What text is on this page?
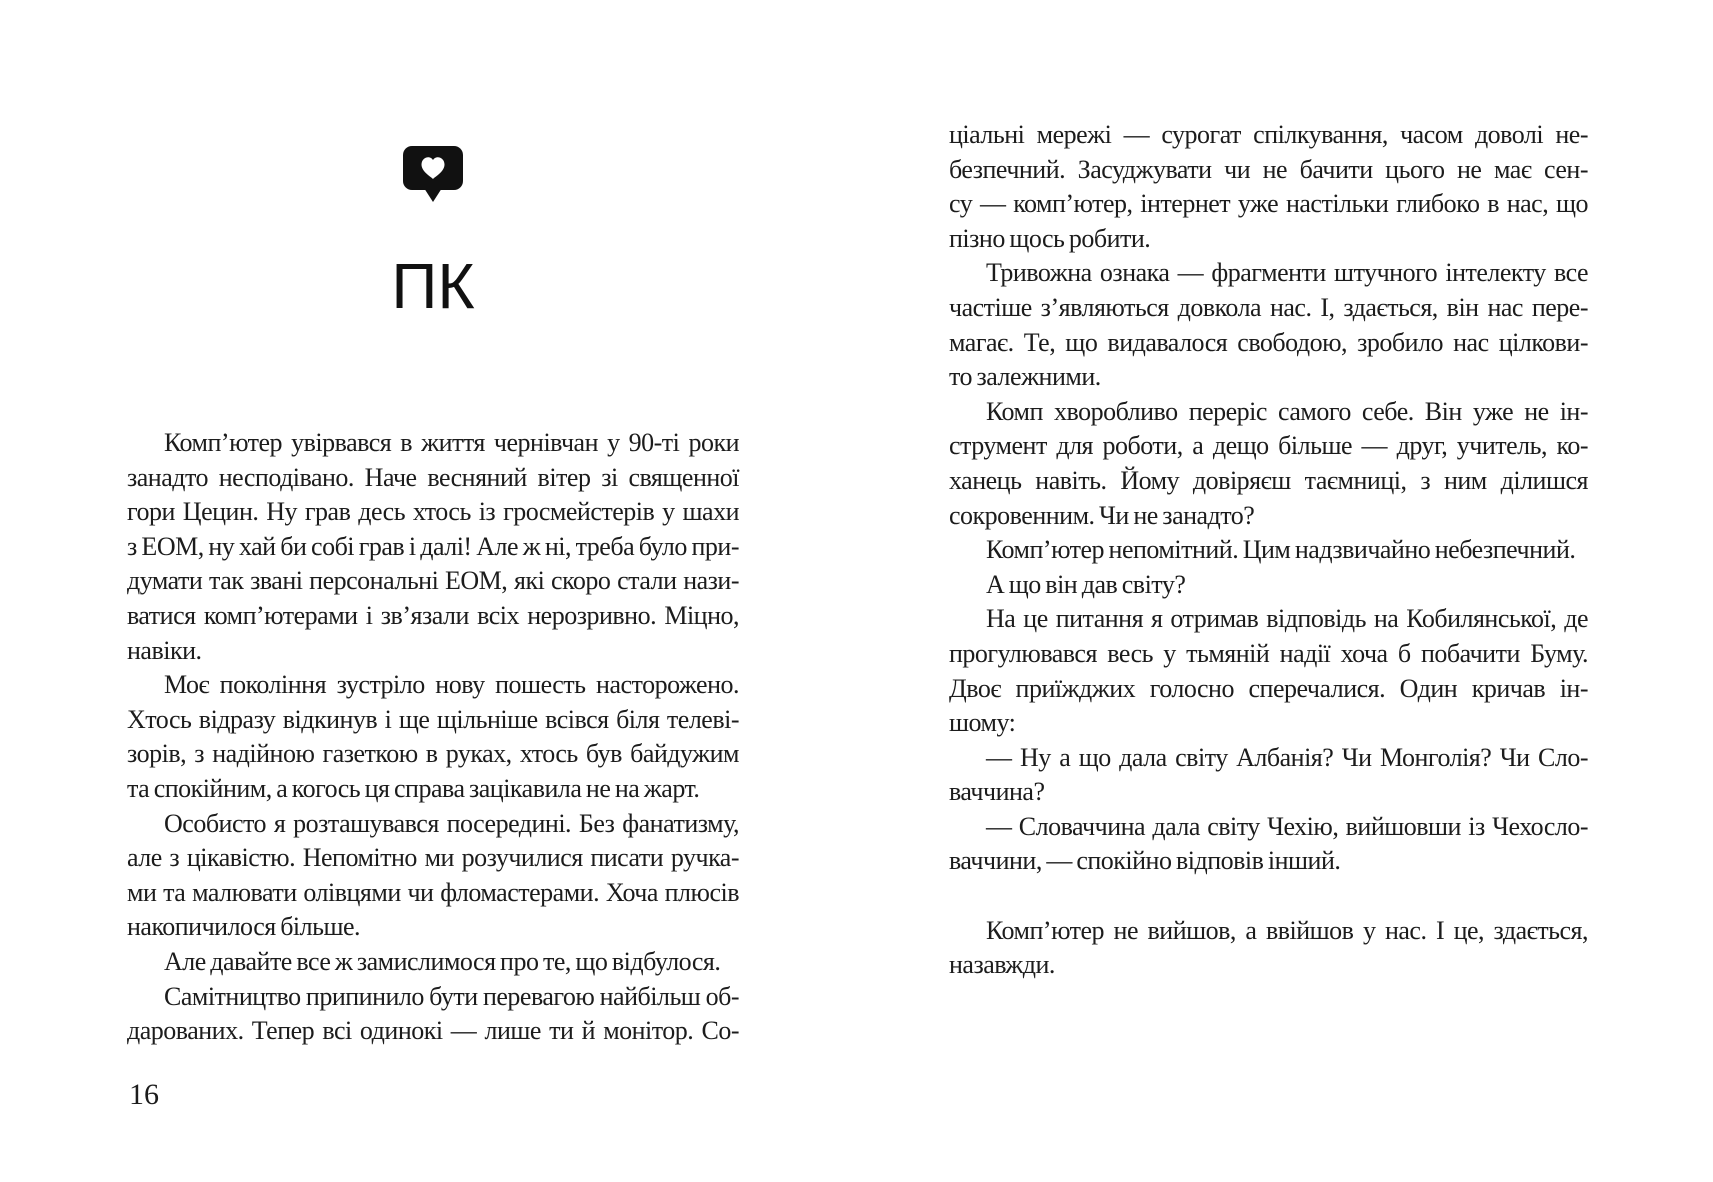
ПК
Комп’ютер увірвався в життя чернівчан у 90-ті роки
занадто несподівано. Наче весняний вітер зі священної
гори Цецин. Ну грав десь хтось із гросмейстерів у шахи
з ЕОМ, ну хай би собі грав і далі! Але ж ні, треба було при-
думати так звані персональні ЕОМ, які скоро стали нази-
ватися комп’ютерами і зв’язали всіх нерозривно. Міцно,
навіки.
Моє покоління зустріло нову пошесть насторожено.
Хтось відразу відкинув і ще щільніше всівся біля телеві-
зорів, з надійною газеткою в руках, хтось був байдужим
та спокійним, а когось ця справа зацікавила не на жарт.
Особисто я розташувався посередині. Без фанатизму,
але з цікавістю. Непомітно ми розучилися писати ручка-
ми та малювати олівцями чи фломастерами. Хоча плюсів
накопичилося більше.
Але давайте все ж замислимося про те, що відбулося.
Самітництво припинило бути перевагою найбільш об-
дарованих. Тепер всі одинокі — лише ти й монітор. Со-
16
ціальні мережі — сурогат спілкування, часом доволі не-
безпечний. Засуджувати чи не бачити цього не має сен-
су — комп’ютер, інтернет уже настільки глибоко в нас, що
пізно щось робити.
Тривожна ознака — фрагменти штучного інтелекту все
частіше з’являються довкола нас. І, здається, він нас пере-
магає. Те, що видавалося свободою, зробило нас цілкови-
то залежними.
Комп хворобливо переріс самого себе. Він уже не ін-
струмент для роботи, а дещо більше — друг, учитель, ко-
ханець навіть. Йому довіряєш таємниці, з ним ділишся
сокровенним. Чи не занадто?
Комп’ютер непомітний. Цим надзвичайно небезпечний.
А що він дав світу?
На це питання я отримав відповідь на Кобилянської, де
прогулювався весь у тьмяній надії хоча б побачити Буму.
Двоє приїжджих голосно сперечалися. Один кричав ін-
шому:
— Ну а що дала світу Албанія? Чи Монголія? Чи Сло-
ваччина?
— Словаччина дала світу Чехію, вийшовши із Чехосло-
ваччини, — спокійно відповів інший.
Комп’ютер не вийшов, а ввійшов у нас. І це, здається,
назавжди.
